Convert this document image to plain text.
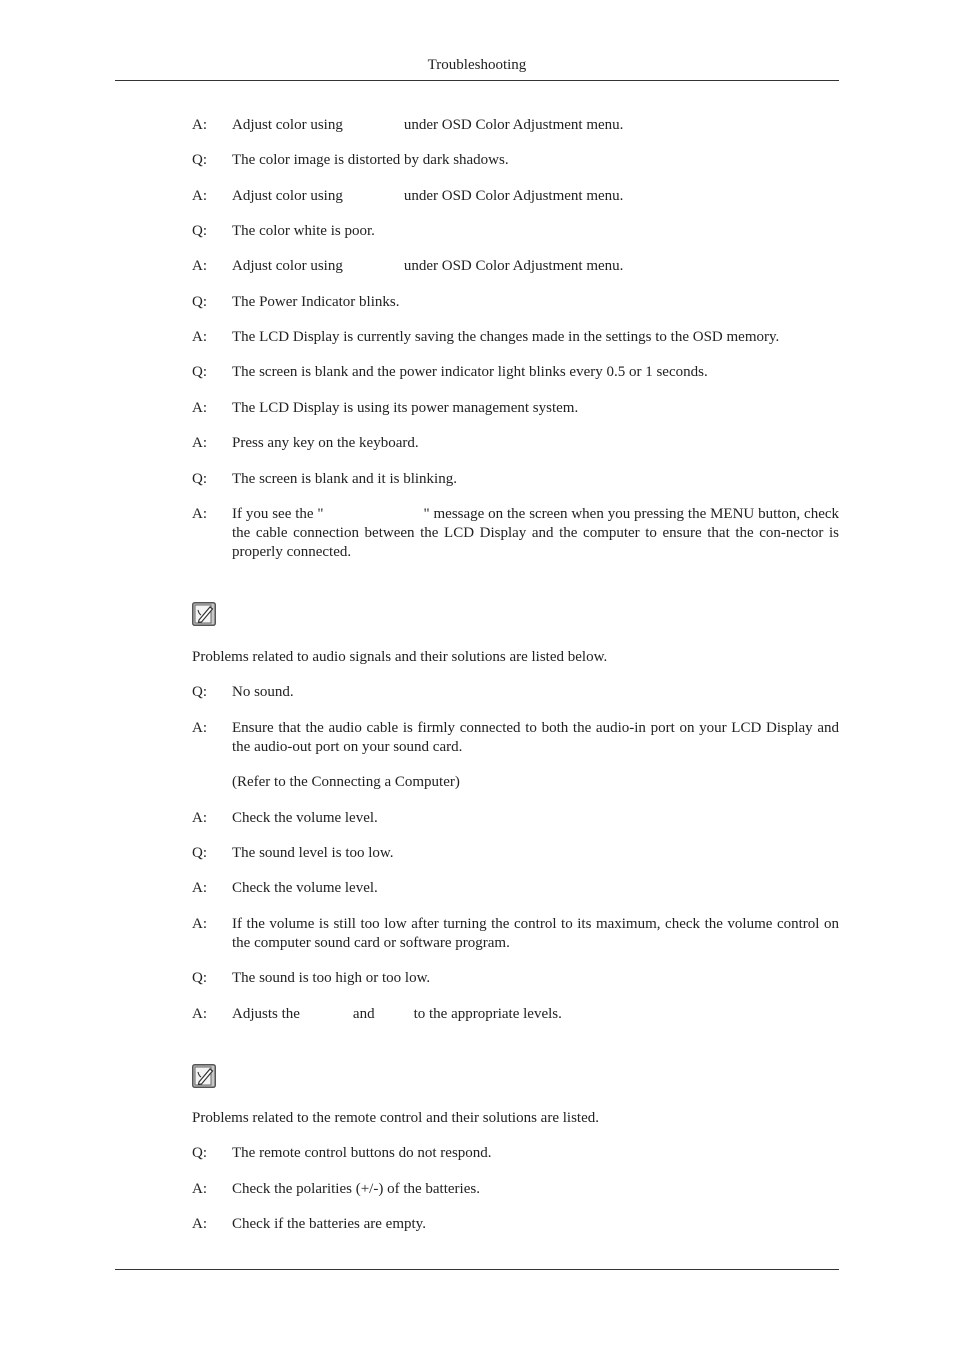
Troubleshooting
A: Adjust color using	under OSD Color Adjustment menu.
Q: The color image is distorted by dark shadows.
A: Adjust color using	under OSD Color Adjustment menu.
Q: The color white is poor.
A: Adjust color using	under OSD Color Adjustment menu.
Q: The Power Indicator blinks.
A: The LCD Display is currently saving the changes made in the settings to the OSD memory.
Q: The screen is blank and the power indicator light blinks every 0.5 or 1 seconds.
A: The LCD Display is using its power management system.
A: Press any key on the keyboard.
Q: The screen is blank and it is blinking.
A: If you see the "	" message on the screen when you pressing the MENU button, check the cable connection between the LCD Display and the computer to ensure that the con-nector is properly connected.
Problems related to audio signals and their solutions are listed below.
Q: No sound.
A: Ensure that the audio cable is firmly connected to both the audio-in port on your LCD Display and the audio-out port on your sound card.
(Refer to the Connecting a Computer)
A: Check the volume level.
Q: The sound level is too low.
A: Check the volume level.
A: If the volume is still too low after turning the control to its maximum, check the volume control on the computer sound card or software program.
Q: The sound is too high or too low.
A: Adjusts the	and	to the appropriate levels.
Problems related to the remote control and their solutions are listed.
Q: The remote control buttons do not respond.
A: Check the polarities (+/-) of the batteries.
A: Check if the batteries are empty.
